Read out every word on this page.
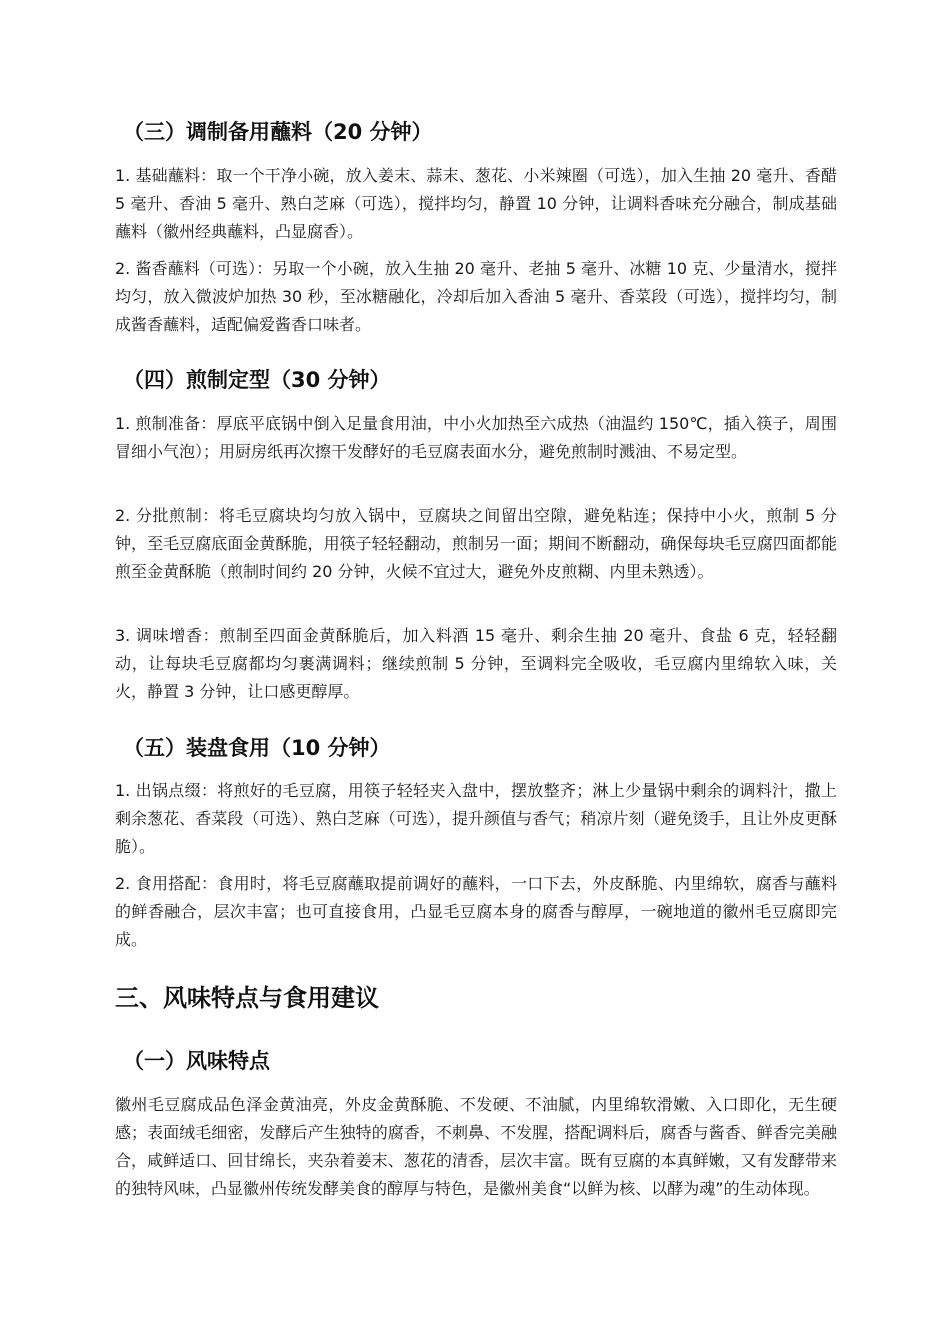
（三）调制备用蘸料（20 分钟）

1. 基础蘸料：取一个干净小碗，放入姜末、蒜末、葱花、小米辣圈（可选），加入生抽 20 毫升、香醋 5 毫升、香油 5 毫升、熟白芝麻（可选），搅拌均匀，静置 10 分钟，让调料香味充分融合，制成基础蘸料（徽州经典蘸料，凸显腐香）。

2. 酱香蘸料（可选）：另取一个小碗，放入生抽 20 毫升、老抽 5 毫升、冰糖 10 克、少量清水，搅拌均匀，放入微波炉加热 30 秒，至冰糖融化，冷却后加入香油 5 毫升、香菜段（可选），搅拌均匀，制成酱香蘸料，适配偏爱酱香口味者。

（四）煎制定型（30 分钟）

1. 煎制准备：厚底平底锅中倒入足量食用油，中小火加热至六成热（油温约 150℃，插入筷子，周围冒细小气泡）；用厨房纸再次擦干发酵好的毛豆腐表面水分，避免煎制时溅油、不易定型。

2. 分批煎制：将毛豆腐块均匀放入锅中，豆腐块之间留出空隙，避免粘连；保持中小火，煎制 5 分钟，至毛豆腐底面金黄酥脆，用筷子轻轻翻动，煎制另一面；期间不断翻动，确保每块毛豆腐四面都能煎至金黄酥脆（煎制时间约 20 分钟，火候不宜过大，避免外皮煎糊、内里未熟透）。

3. 调味增香：煎制至四面金黄酥脆后，加入料酒 15 毫升、剩余生抽 20 毫升、食盐 6 克，轻轻翻动，让每块毛豆腐都均匀裹满调料；继续煎制 5 分钟，至调料完全吸收，毛豆腐内里绵软入味，关火，静置 3 分钟，让口感更醇厚。

（五）装盘食用（10 分钟）

1. 出锅点缀：将煎好的毛豆腐，用筷子轻轻夹入盘中，摆放整齐；淋上少量锅中剩余的调料汁，撒上剩余葱花、香菜段（可选）、熟白芝麻（可选），提升颜值与香气；稍凉片刻（避免烫手，且让外皮更酥脆）。

2. 食用搭配：食用时，将毛豆腐蘸取提前调好的蘸料，一口下去，外皮酥脆、内里绵软，腐香与蘸料的鲜香融合，层次丰富；也可直接食用，凸显毛豆腐本身的腐香与醇厚，一碗地道的徽州毛豆腐即完成。

三、风味特点与食用建议
（一）风味特点

徽州毛豆腐成品色泽金黄油亮，外皮金黄酥脆、不发硬、不油腻，内里绵软滑嫩、入口即化，无生硬感；表面绒毛细密，发酵后产生独特的腐香，不刺鼻、不发腥，搭配调料后，腐香与酱香、鲜香完美融合，咸鲜适口、回甘绵长，夹杂着姜末、葱花的清香，层次丰富。既有豆腐的本真鲜嫩，又有发酵带来的独特风味，凸显徽州传统发酵美食的醇厚与特色，是徽州美食“以鲜为核、以酵为魂”的生动体现。
